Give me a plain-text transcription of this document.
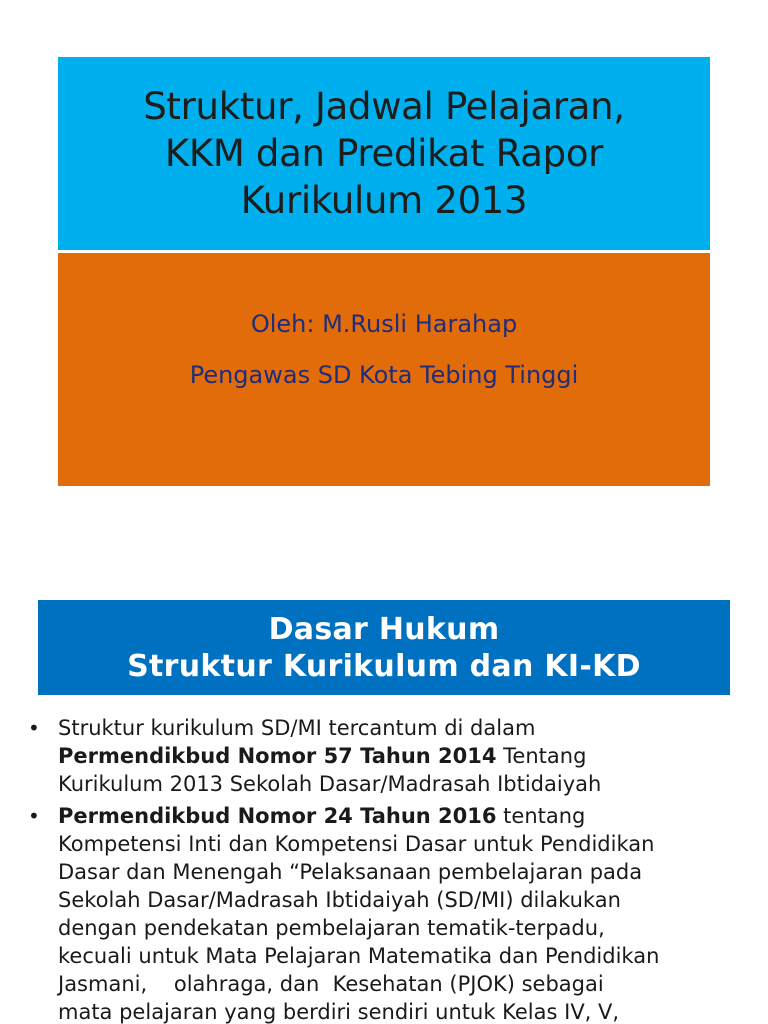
Struktur, Jadwal Pelajaran,
KKM dan Predikat Rapor
Kurikulum 2013
Oleh: M.Rusli Harahap
Pengawas SD Kota Tebing Tinggi
Dasar Hukum
Struktur Kurikulum dan KI-KD
• Struktur kurikulum SD/MI tercantum di dalam
Permendikbud Nomor 57 Tahun 2014 Tentang
Kurikulum 2013 Sekolah Dasar/Madrasah Ibtidaiyah
• Permendikbud Nomor 24 Tahun 2016 tentang
Kompetensi Inti dan Kompetensi Dasar untuk Pendidikan
Dasar dan Menengah “Pelaksanaan pembelajaran pada
Sekolah Dasar/Madrasah Ibtidaiyah (SD/MI) dilakukan
dengan pendekatan pembelajaran tematik-terpadu,
kecuali untuk Mata Pelajaran Matematika dan Pendidikan
Jasmani,    olahraga, dan  Kesehatan (PJOK) sebagai
mata pelajaran yang berdiri sendiri untuk Kelas IV, V,
